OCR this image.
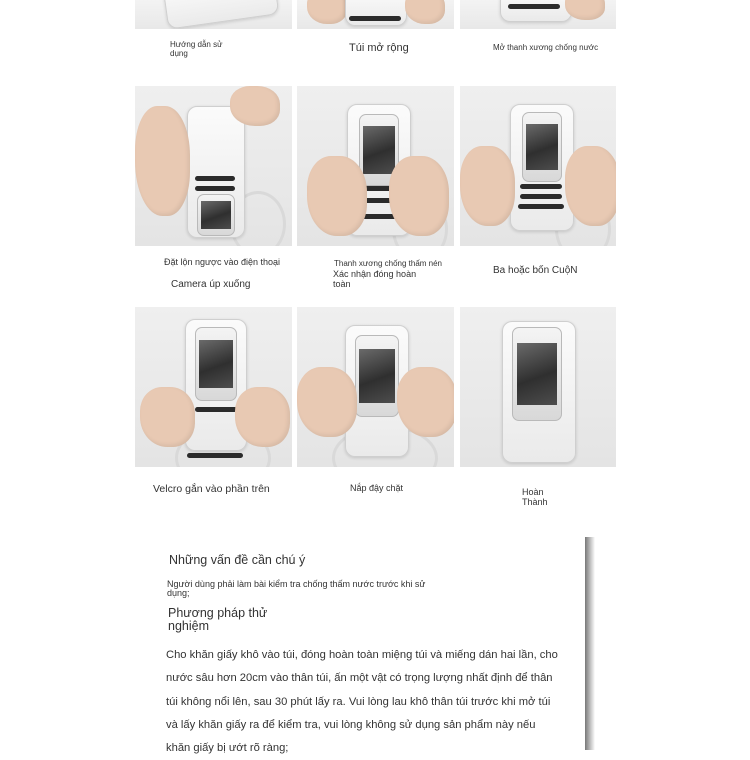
Hướng dẫn sử dụng	Túi mở rộng	Mở thanh xương chống nước
Đặt lộn ngược vào điện thoại
Camera úp xuống
Thanh xương chống thấm nén
Xác nhận đóng hoàn toàn
Ba hoặc bốn CuộN
Velcro gắn vào phần trên	Nắp đậy chặt	Hoàn Thành
Những vấn đề cần chú ý
Người dùng phải làm bài kiểm tra chống thấm nước trước khi sử dụng;
Phương pháp thử nghiệm
Cho khăn giấy khô vào túi, đóng hoàn toàn miệng túi và miếng dán hai lần, cho nước sâu hơn 20cm vào thân túi, ấn một vật có trọng lượng nhất định để thân túi không nổi lên, sau 30 phút lấy ra. Vui lòng lau khô thân túi trước khi mở túi và lấy khăn giấy ra để kiểm tra, vui lòng không sử dụng sản phẩm này nếu khăn giấy bị ướt rõ ràng;
